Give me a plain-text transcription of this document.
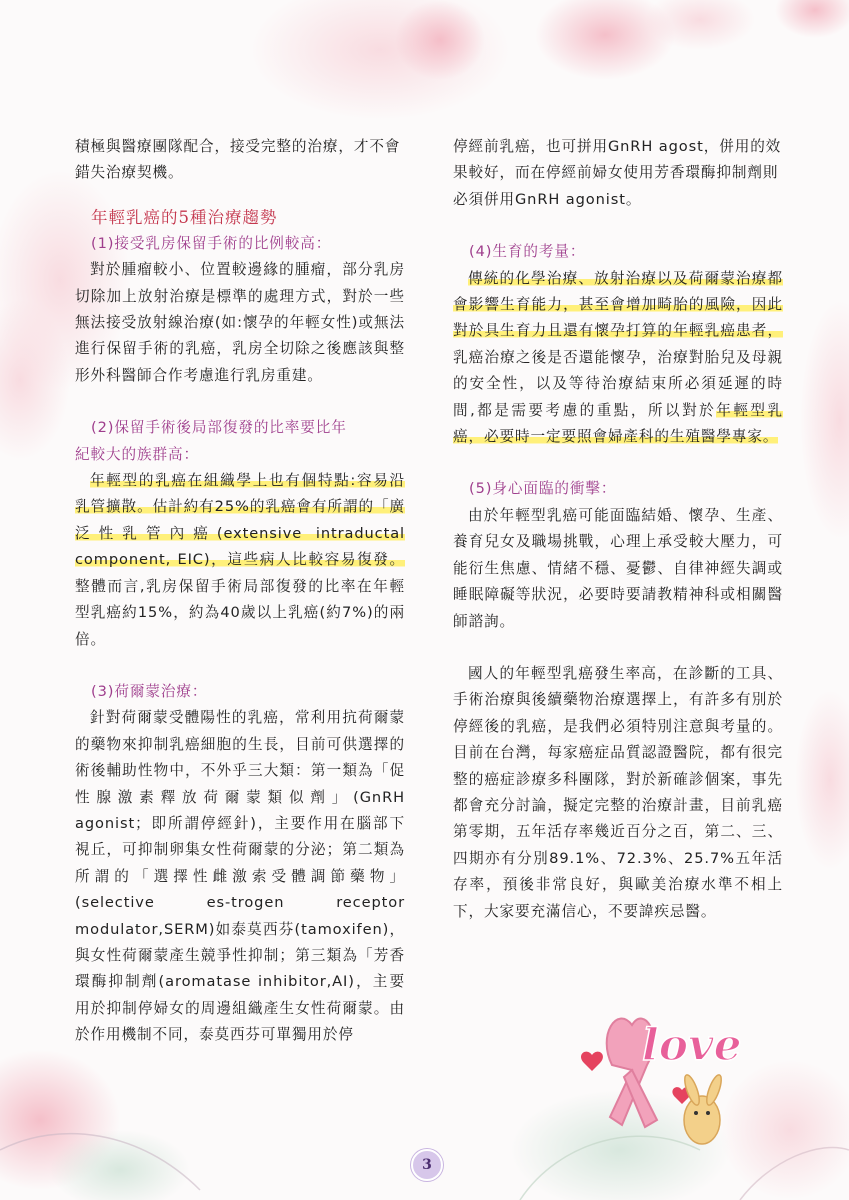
積極與醫療團隊配合，接受完整的治療，才不會錯失治療契機。

年輕乳癌的5種治療趨勢
(1)接受乳房保留手術的比例較高：

對於腫瘤較小、位置較邊緣的腫瘤，部分乳房切除加上放射治療是標準的處理方式，對於一些無法接受放射線治療(如:懷孕的年輕女性)或無法進行保留手術的乳癌，乳房全切除之後應該與整形外科醫師合作考慮進行乳房重建。

(2)保留手術後局部復發的比率要比年
紀較大的族群高：

年輕型的乳癌在組織學上也有個特點:容易沿乳管擴散。估計約有25%的乳癌會有所謂的「廣泛性乳管內癌(extensive intraductal component, EIC)，這些病人比較容易復發。整體而言,乳房保留手術局部復發的比率在年輕型乳癌約15%，約為40歲以上乳癌(約7%)的兩倍。

(3)荷爾蒙治療：

針對荷爾蒙受體陽性的乳癌，常利用抗荷爾蒙的藥物來抑制乳癌細胞的生長，目前可供選擇的術後輔助性物中，不外乎三大類：第一類為「促性腺激素釋放荷爾蒙類似劑」(GnRH agonist；即所謂停經針)，主要作用在腦部下視丘，可抑制卵集女性荷爾蒙的分泌；第二類為所謂的「選擇性雌激索受體調節藥物」(selective es-trogen receptor modulator,SERM)如泰莫西芬(tamoxifen)，與女性荷爾蒙產生競爭性抑制；第三類為「芳香環酶抑制劑(aromatase inhibitor,AI)，主要用於抑制停婦女的周邊組織產生女性荷爾蒙。由於作用機制不同，泰莫西芬可單獨用於停

停經前乳癌，也可拼用GnRH agost，併用的效果較好，而在停經前婦女使用芳香環酶抑制劑則必須併用GnRH agonist。

(4)生育的考量：

傳統的化學治療、放射治療以及荷爾蒙治療都會影響生育能力，甚至會增加畸胎的風險，因此對於具生育力且還有懷孕打算的年輕乳癌患者，乳癌治療之後是否還能懷孕，治療對胎兒及母親的安全性，以及等待治療結束所必須延遲的時間,都是需要考慮的重點，所以對於年輕型乳癌，必要時一定要照會婦產科的生殖醫學專家。

(5)身心面臨的衝擊：

由於年輕型乳癌可能面臨結婚、懷孕、生產、養育兒女及職場挑戰，心理上承受較大壓力，可能衍生焦慮、情緒不穩、憂鬱、自律神經失調或睡眠障礙等狀況，必要時要請教精神科或相關醫師諮詢。

國人的年輕型乳癌發生率高，在診斷的工具、手術治療與後續藥物治療選擇上，有許多有別於停經後的乳癌，是我們必須特別注意與考量的。目前在台灣，每家癌症品質認證醫院，都有很完整的癌症診療多科團隊，對於新確診個案，事先都會充分討論，擬定完整的治療計畫，目前乳癌第零期，五年活存率幾近百分之百，第二、三、四期亦有分別89.1%、72.3%、25.7%五年活存率，預後非常良好，與歐美治療水準不相上下，大家要充滿信心，不要諱疾忌醫。

love
3
